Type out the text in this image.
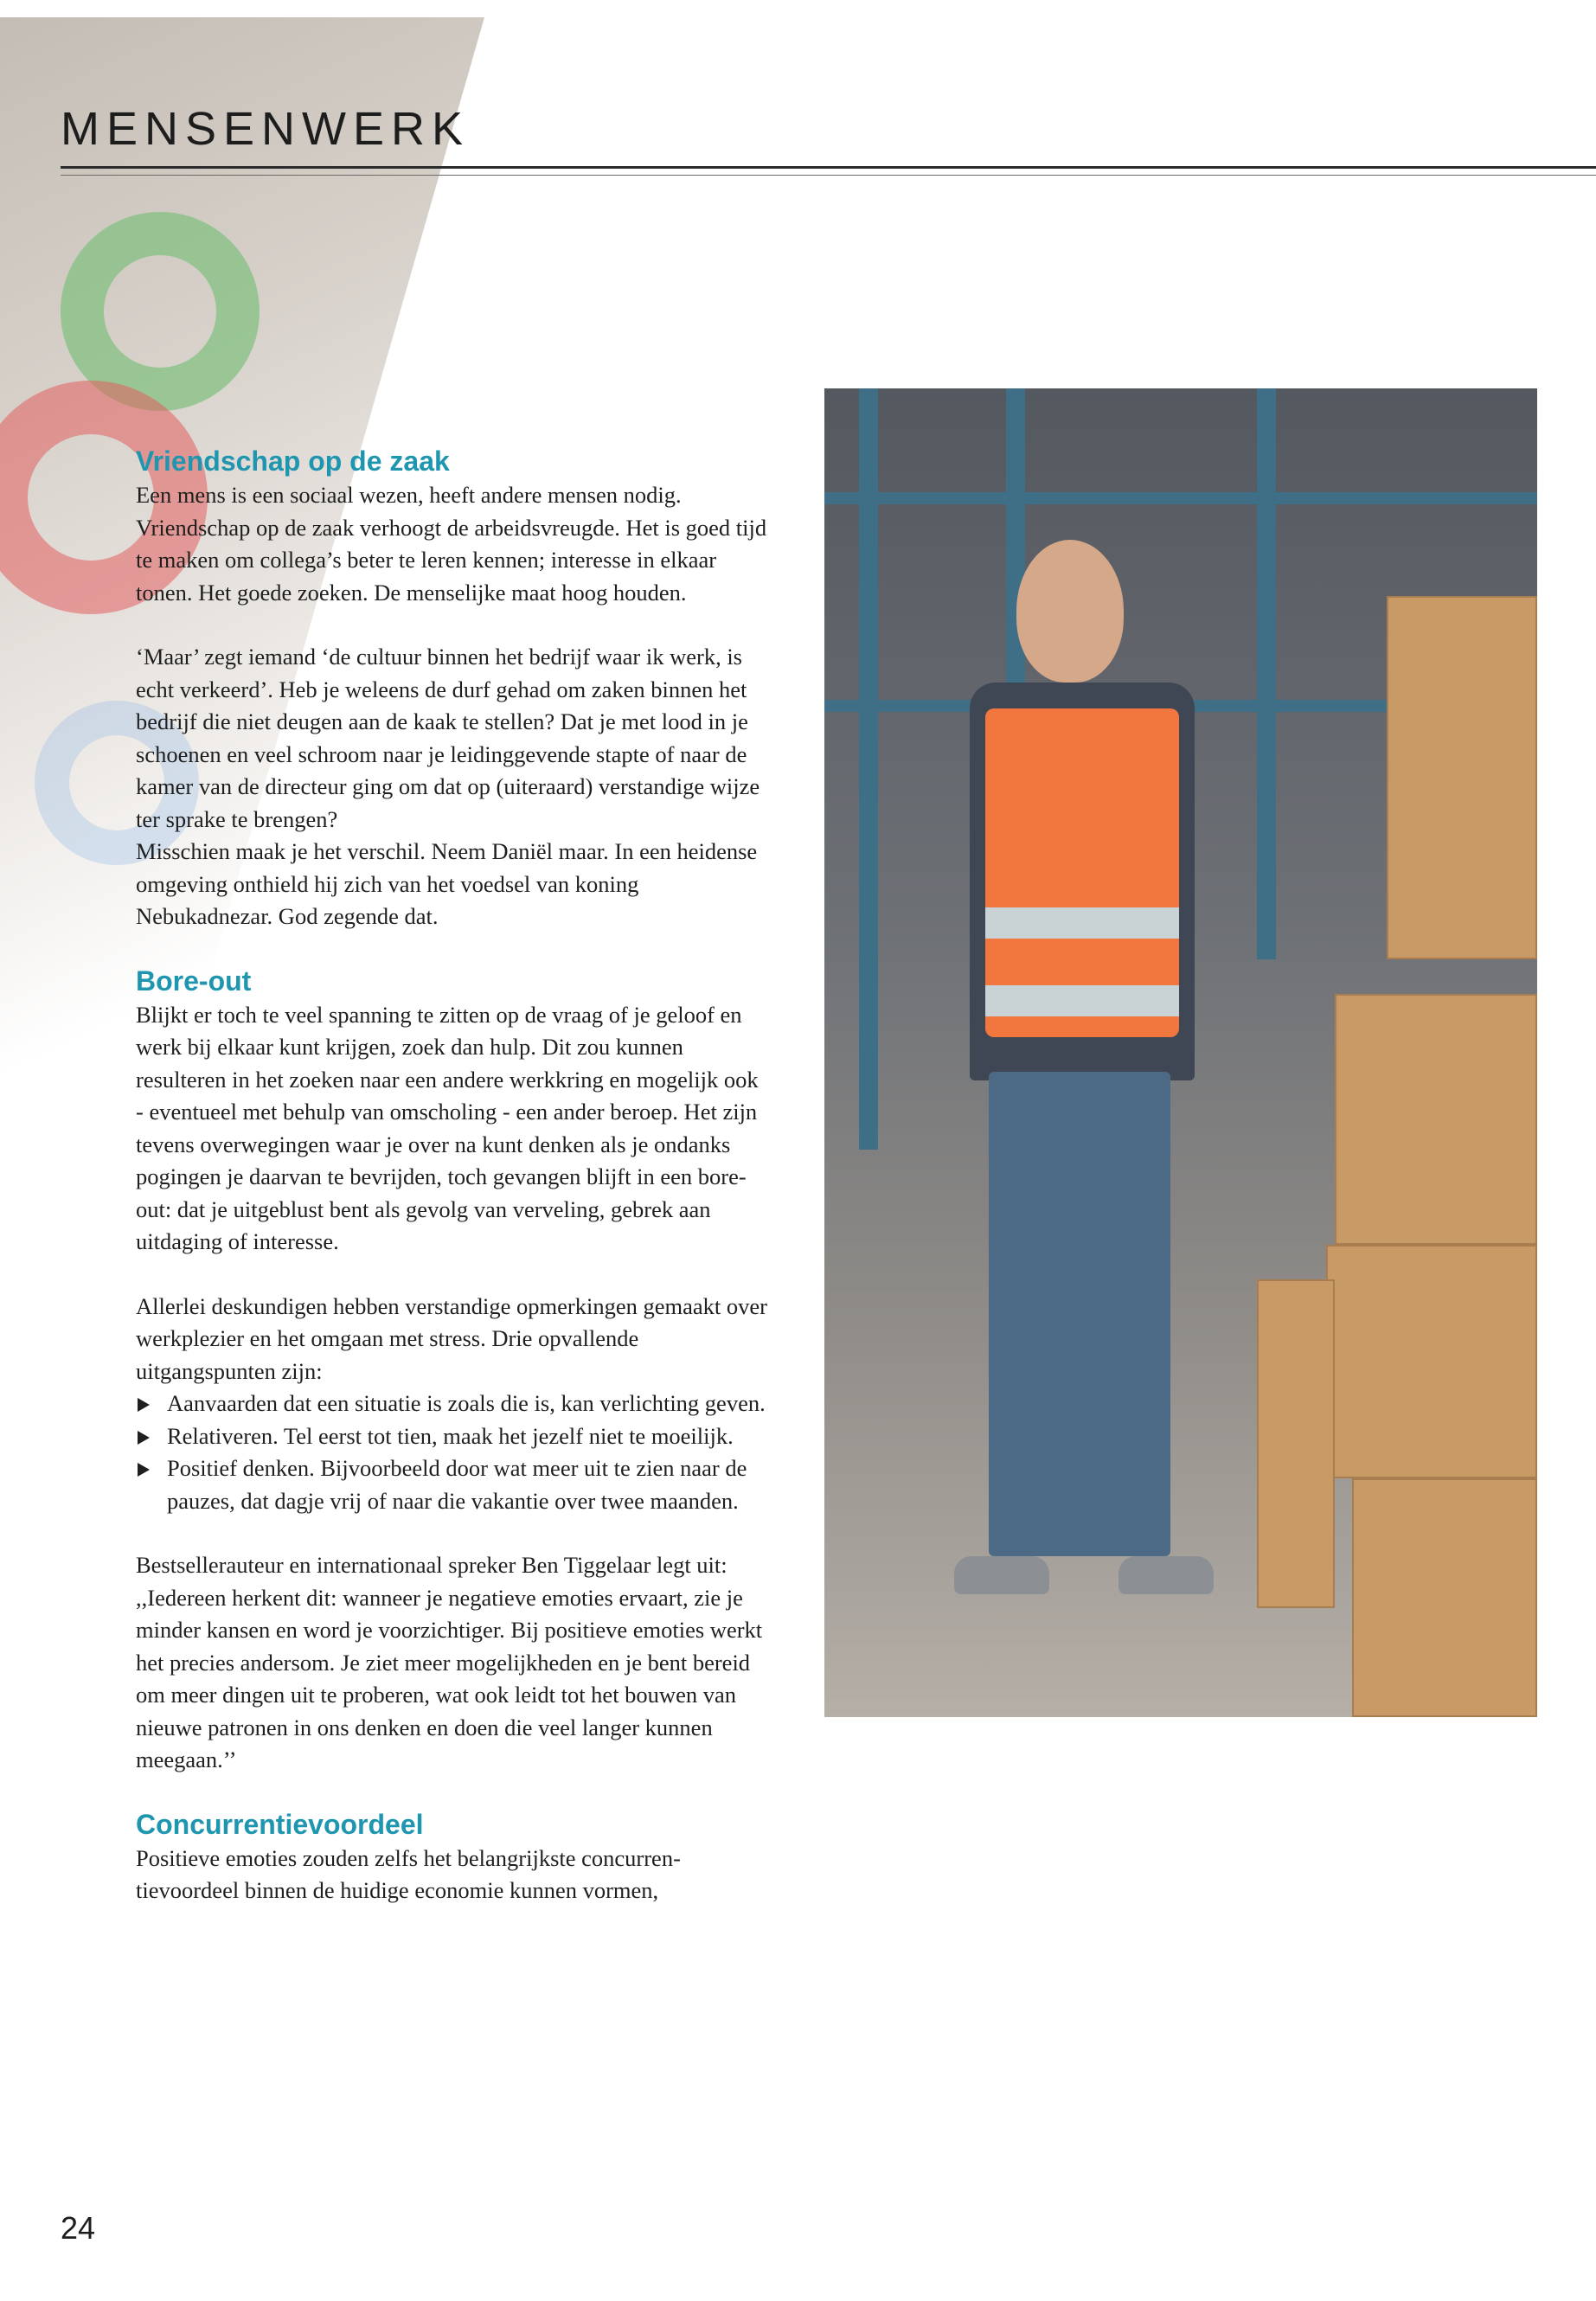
MENSENWERK
Vriendschap op de zaak

Een mens is een sociaal wezen, heeft andere mensen nodig. Vriendschap op de zaak verhoogt de arbeidsvreugde. Het is goed tijd te maken om collega’s beter te leren kennen; interesse in elkaar tonen. Het goede zoeken. De menselijke maat hoog houden.

‘Maar’ zegt iemand ‘de cultuur binnen het bedrijf waar ik werk, is echt verkeerd’. Heb je weleens de durf gehad om zaken binnen het bedrijf die niet deugen aan de kaak te stellen? Dat je met lood in je schoenen en veel schroom naar je leidinggevende stapte of naar de kamer van de directeur ging om dat op (uiteraard) verstandige wijze ter sprake te brengen?

Misschien maak je het verschil. Neem Daniël maar. In een heidense omgeving onthield hij zich van het voedsel van koning Nebukadnezar. God zegende dat.

Bore-out

Blijkt er toch te veel spanning te zitten op de vraag of je geloof en werk bij elkaar kunt krijgen, zoek dan hulp. Dit zou kunnen resulteren in het zoeken naar een andere werkkring en mogelijk ook - eventueel met behulp van omscholing - een ander beroep. Het zijn tevens overwegingen waar je over na kunt denken als je ondanks pogingen je daarvan te bevrijden, toch gevangen blijft in een bore-out: dat je uitgeblust bent als gevolg van verveling, gebrek aan uitdaging of interesse.

Allerlei deskundigen hebben verstandige opmerkingen gemaakt over werkplezier en het omgaan met stress. Drie opvallende uitgangspunten zijn:

Aanvaarden dat een situatie is zoals die is, kan verlichting geven.
Relativeren. Tel eerst tot tien, maak het jezelf niet te moeilijk.
Positief denken. Bijvoorbeeld door wat meer uit te zien naar de pauzes, dat dagje vrij of naar die vakantie over twee maanden.

Bestsellerauteur en internationaal spreker Ben Tiggelaar legt uit: ,,Iedereen herkent dit: wanneer je negatieve emoties ervaart, zie je minder kansen en word je voorzichtiger. Bij positieve emoties werkt het precies andersom. Je ziet meer mogelijkheden en je bent bereid om meer dingen uit te proberen, wat ook leidt tot het bouwen van nieuwe patronen in ons denken en doen die veel langer kunnen meegaan.’’

Concurrentievoordeel

Positieve emoties zouden zelfs het belangrijkste concurrentievoordeel binnen de huidige economie kunnen vormen,

24
